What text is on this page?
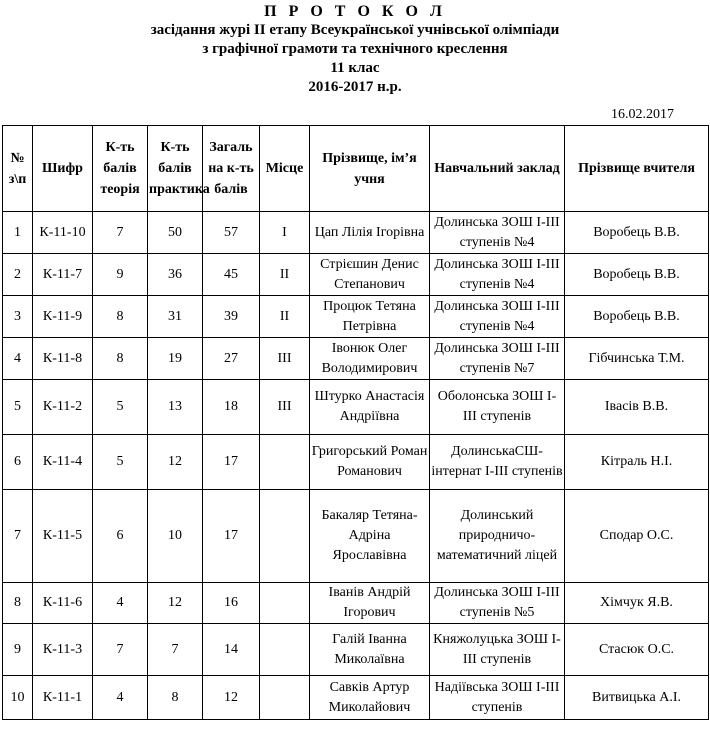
П Р О Т О К О Л
засідання журі ІІ етапу Всеукраїнської учнівської олімпіади
з графічної грамоти та технічного креслення
11 клас
2016-2017 н.р.
16.02.2017
№ з\п	Шифр	К-ть балів теорія	К-ть балів практика	Загаль на к-ть балів	Місце	Прізвище, ім’я учня	Навчальний заклад	Прізвище вчителя
1	К-11-10	7	50	57	І	Цап Лілія Ігорівна	Долинська ЗОШ І-ІІІ ступенів №4	Воробець В.В.
2	К-11-7	9	36	45	ІІ	Стрієшин Денис Степанович	Долинська ЗОШ І-ІІІ ступенів №4	Воробець В.В.
3	К-11-9	8	31	39	ІІ	Процюк Тетяна Петрівна	Долинська ЗОШ І-ІІІ ступенів №4	Воробець В.В.
4	К-11-8	8	19	27	ІІІ	Івонюк Олег Володимирович	Долинська ЗОШ І-ІІІ ступенів №7	Гібчинська Т.М.
5	К-11-2	5	13	18	ІІІ	Штурко Анастасія Андріївна	Оболонська ЗОШ І-ІІІ ступенів	Івасів В.В.
6	К-11-4	5	12	17		Григорський Роман Романович	ДолинськаСШ-інтернат І-ІІІ ступенів	Кітраль Н.І.
7	К-11-5	6	10	17		Бакаляр Тетяна-Адріна Ярославівна	Долинський природничо-математичний ліцей	Сподар О.С.
8	К-11-6	4	12	16		Іванів Андрій Ігорович	Долинська ЗОШ І-ІІІ ступенів №5	Хімчук Я.В.
9	К-11-3	7	7	14		Галій Іванна Миколаївна	Княжолуцька ЗОШ І-ІІІ ступенів	Стасюк О.С.
10	К-11-1	4	8	12		Савків Артур Миколайович	Надіївська ЗОШ І-ІІІ ступенів	Витвицька А.І.
